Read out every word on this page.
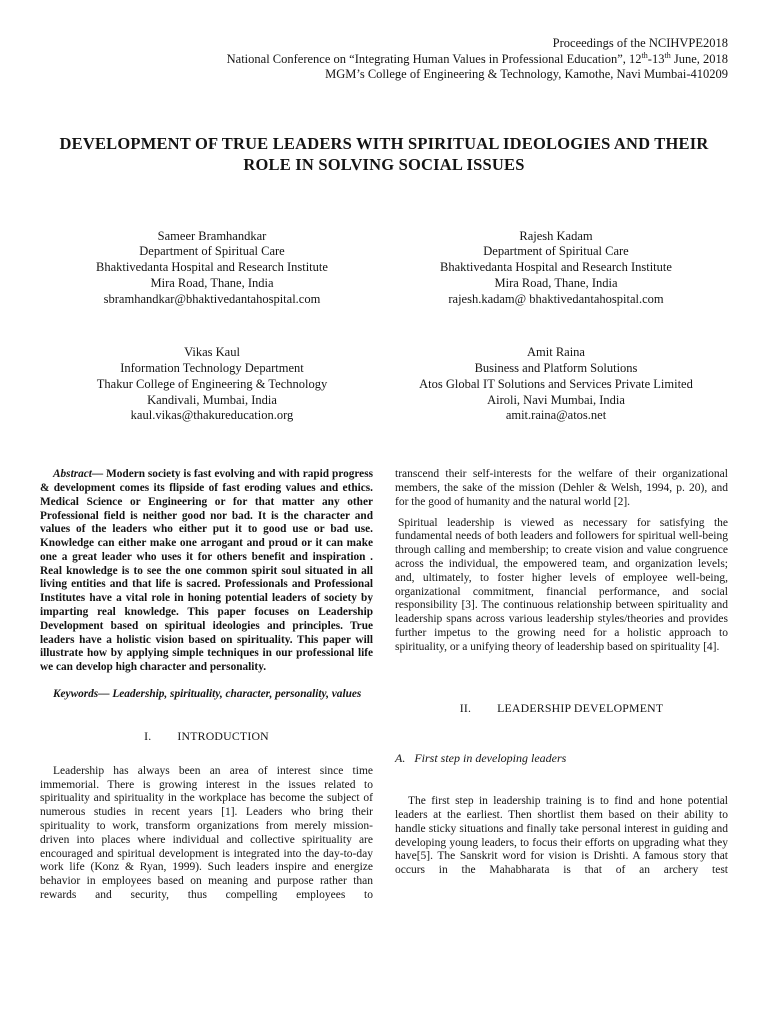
Proceedings of the NCIHVPE2018
National Conference on “Integrating Human Values in Professional Education”, 12th-13th June, 2018
MGM’s College of Engineering & Technology, Kamothe, Navi Mumbai-410209
DEVELOPMENT OF TRUE LEADERS WITH SPIRITUAL IDEOLOGIES AND THEIR ROLE IN SOLVING SOCIAL ISSUES
Sameer Bramhandkar
Department of Spiritual Care
Bhaktivedanta Hospital and Research Institute
Mira Road, Thane, India
sbramhandkar@bhaktivedantahospital.com
Rajesh Kadam
Department of Spiritual Care
Bhaktivedanta Hospital and Research Institute
Mira Road, Thane, India
rajesh.kadam@ bhaktivedantahospital.com
Vikas Kaul
Information Technology Department
Thakur College of Engineering & Technology
Kandivali, Mumbai, India
kaul.vikas@thakureducation.org
Amit Raina
Business and Platform Solutions
Atos Global IT Solutions and Services Private Limited
Airoli, Navi Mumbai, India
amit.raina@atos.net

Abstract— Modern society is fast evolving and with rapid progress & development comes its flipside of fast eroding values and ethics. Medical Science or Engineering or for that matter any other Professional field is neither good nor bad. It is the character and values of the leaders who either put it to good use or bad use. Knowledge can either make one arrogant and proud or it can make one a great leader who uses it for others benefit and inspiration . Real knowledge is to see the one common spirit soul situated in all living entities and that life is sacred. Professionals and Professional Institutes have a vital role in honing potential leaders of society by imparting real knowledge. This paper focuses on Leadership Development based on spiritual ideologies and principles. True leaders have a holistic vision based on spirituality. This paper will illustrate how by applying simple techniques in our professional life we can develop high character and personality.

Keywords— Leadership, spirituality, character, personality, values

I. INTRODUCTION

Leadership has always been an area of interest since time immemorial. There is growing interest in the issues related to spirituality and spirituality in the workplace has become the subject of numerous studies in recent years [1]. Leaders who bring their spirituality to work, transform organizations from merely mission-driven into places where individual and collective spirituality are encouraged and spiritual development is integrated into the day-to-day work life (Konz & Ryan, 1999). Such leaders inspire and energize behavior in employees based on meaning and purpose rather than rewards and security, thus compelling employees to

transcend their self-interests for the welfare of their organizational members, the sake of the mission (Dehler & Welsh, 1994, p. 20), and for the good of humanity and the natural world [2].

Spiritual leadership is viewed as necessary for satisfying the fundamental needs of both leaders and followers for spiritual well-being through calling and membership; to create vision and value congruence across the individual, the empowered team, and organization levels; and, ultimately, to foster higher levels of employee well-being, organizational commitment, financial performance, and social responsibility [3]. The continuous relationship between spirituality and leadership spans across various leadership styles/theories and provides further impetus to the growing need for a holistic approach to spirituality, or a unifying theory of leadership based on spirituality [4].

II. LEADERSHIP DEVELOPMENT
A. First step in developing leaders

The first step in leadership training is to find and hone potential leaders at the earliest. Then shortlist them based on their ability to handle sticky situations and finally take personal interest in guiding and developing young leaders, to focus their efforts on upgrading what they have[5]. The Sanskrit word for vision is Drishti. A famous story that occurs in the Mahabharata is that of an archery test
